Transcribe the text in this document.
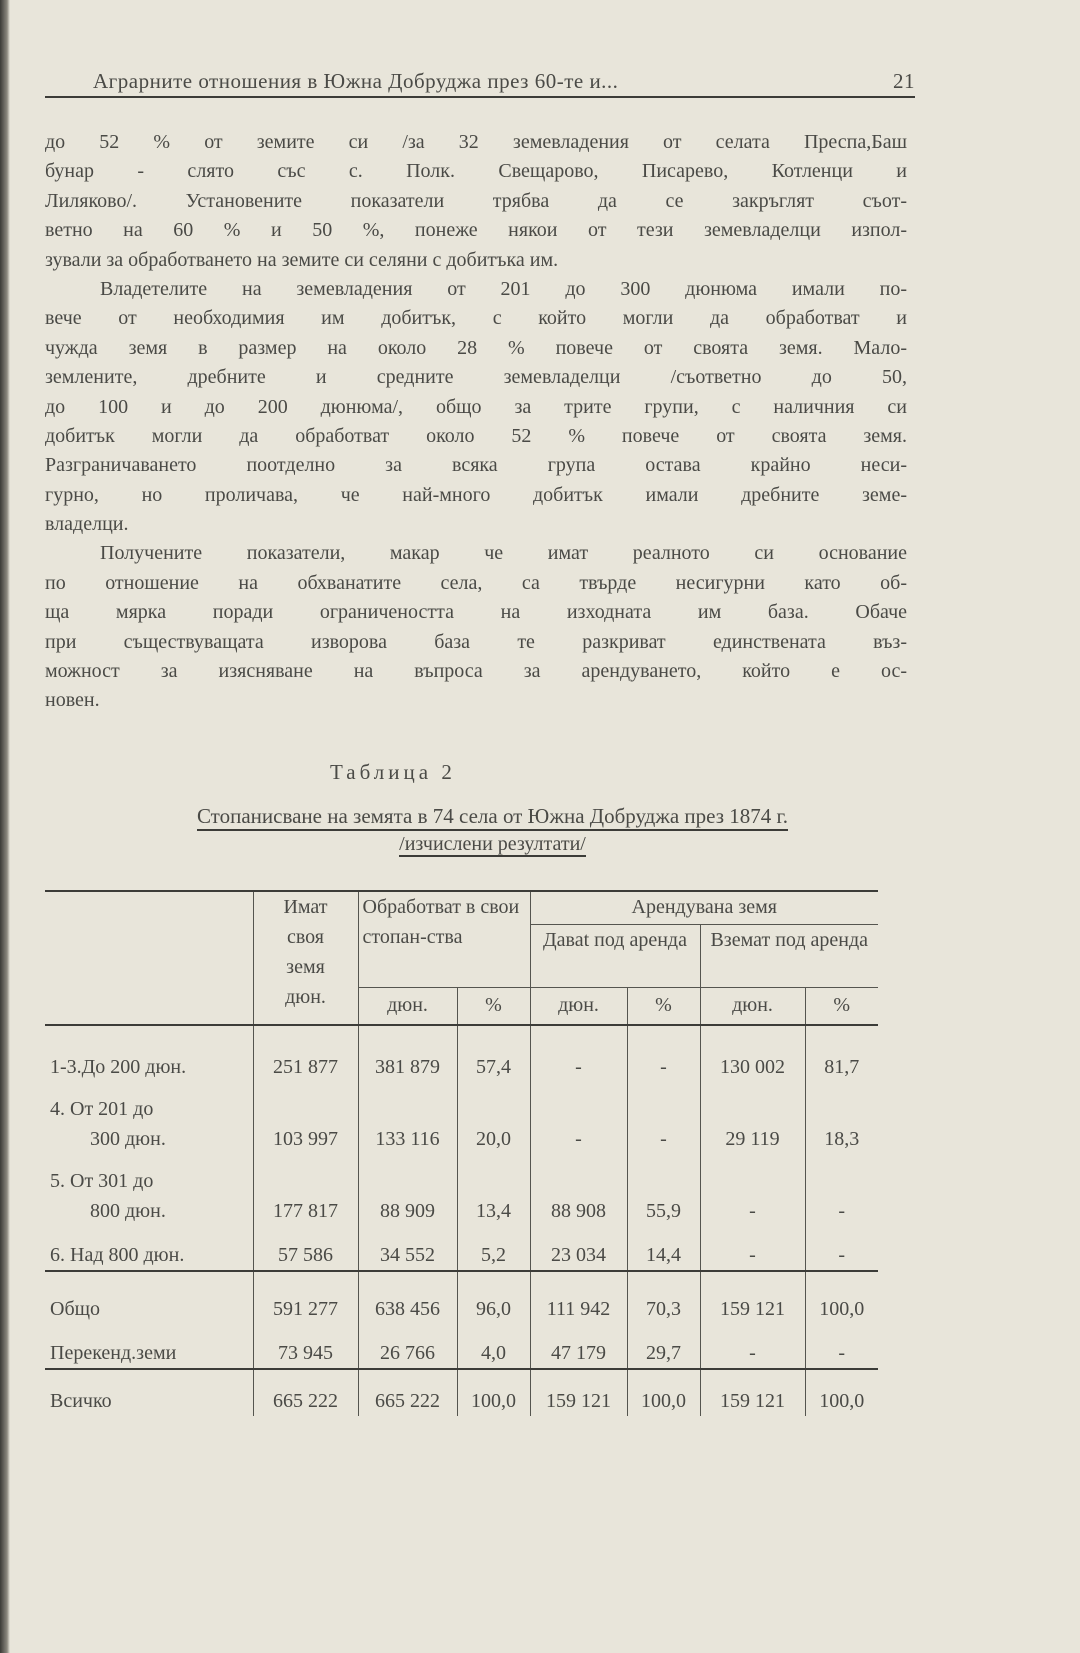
Аграрните отношения в Южна Добруджа през 60-те и...	21
до 52 % от земите си /за 32 земевладения от селата Преспа,Баш
бунар - слято със с. Полк. Свещарово, Писарево, Котленци и
Лиляково/. Установените показатели трябва да се закръглят съот-
ветно на 60 % и 50 %, понеже някои от тези земевладелци изпол-
зували за обработването на земите си селяни с добитъка им.
Владетелите на земевладения от 201 до 300 дюнюма имали по-
вече от необходимия им добитък, с който могли да обработват и
чужда земя в размер на около 28 % повече от своята земя. Мало-
землените, дребните и средните земевладелци /съответно до 50,
до 100 и до 200 дюнюма/, общо за трите групи, с наличния си
добитък могли да обработват около 52 % повече от своята земя.
Разграничаването поотделно за всяка група остава крайно неси-
гурно, но проличава, че най-много добитък имали дребните земе-
владелци.
Получените показатели, макар че имат реалното си основание
по отношение на обхванатите села, са твърде несигурни като об-
ща мярка поради ограничеността на изходната им база. Обаче
при съществуващата изворова база те разкриват единствената въз-
можност за изясняване на въпроса за арендуването, който е ос-
новен.
Таблица 2
Стопанисване на земята в 74 села от Южна Добруджа през 1874 г.
/изчислени резултати/

	Имат
своя
земя
дюн.	Обработват в свои стопан-ства		Арендувана земя			
				Даваt под аренда		Вземат под аренда	
		дюн.	%	дюн.	%	дюн.	%

1-3.До 200 дюн.	251 877	381 879	57,4	-	-	130 002	81,7

4. От 201 до
300 дюн.	103 997	133 116	20,0	-	-	29 119	18,3

5. От 301 до
800 дюн.	177 817	88 909	13,4	88 908	55,9	-	-

6. Над 800 дюн.	57 586	34 552	5,2	23 034	14,4	-	-

Общо	591 277	638 456	96,0	111 942	70,3	159 121	100,0

Перекенд.земи	73 945	26 766	4,0	47 179	29,7	-	-

Всичко	665 222	665 222	100,0	159 121	100,0	159 121	100,0
